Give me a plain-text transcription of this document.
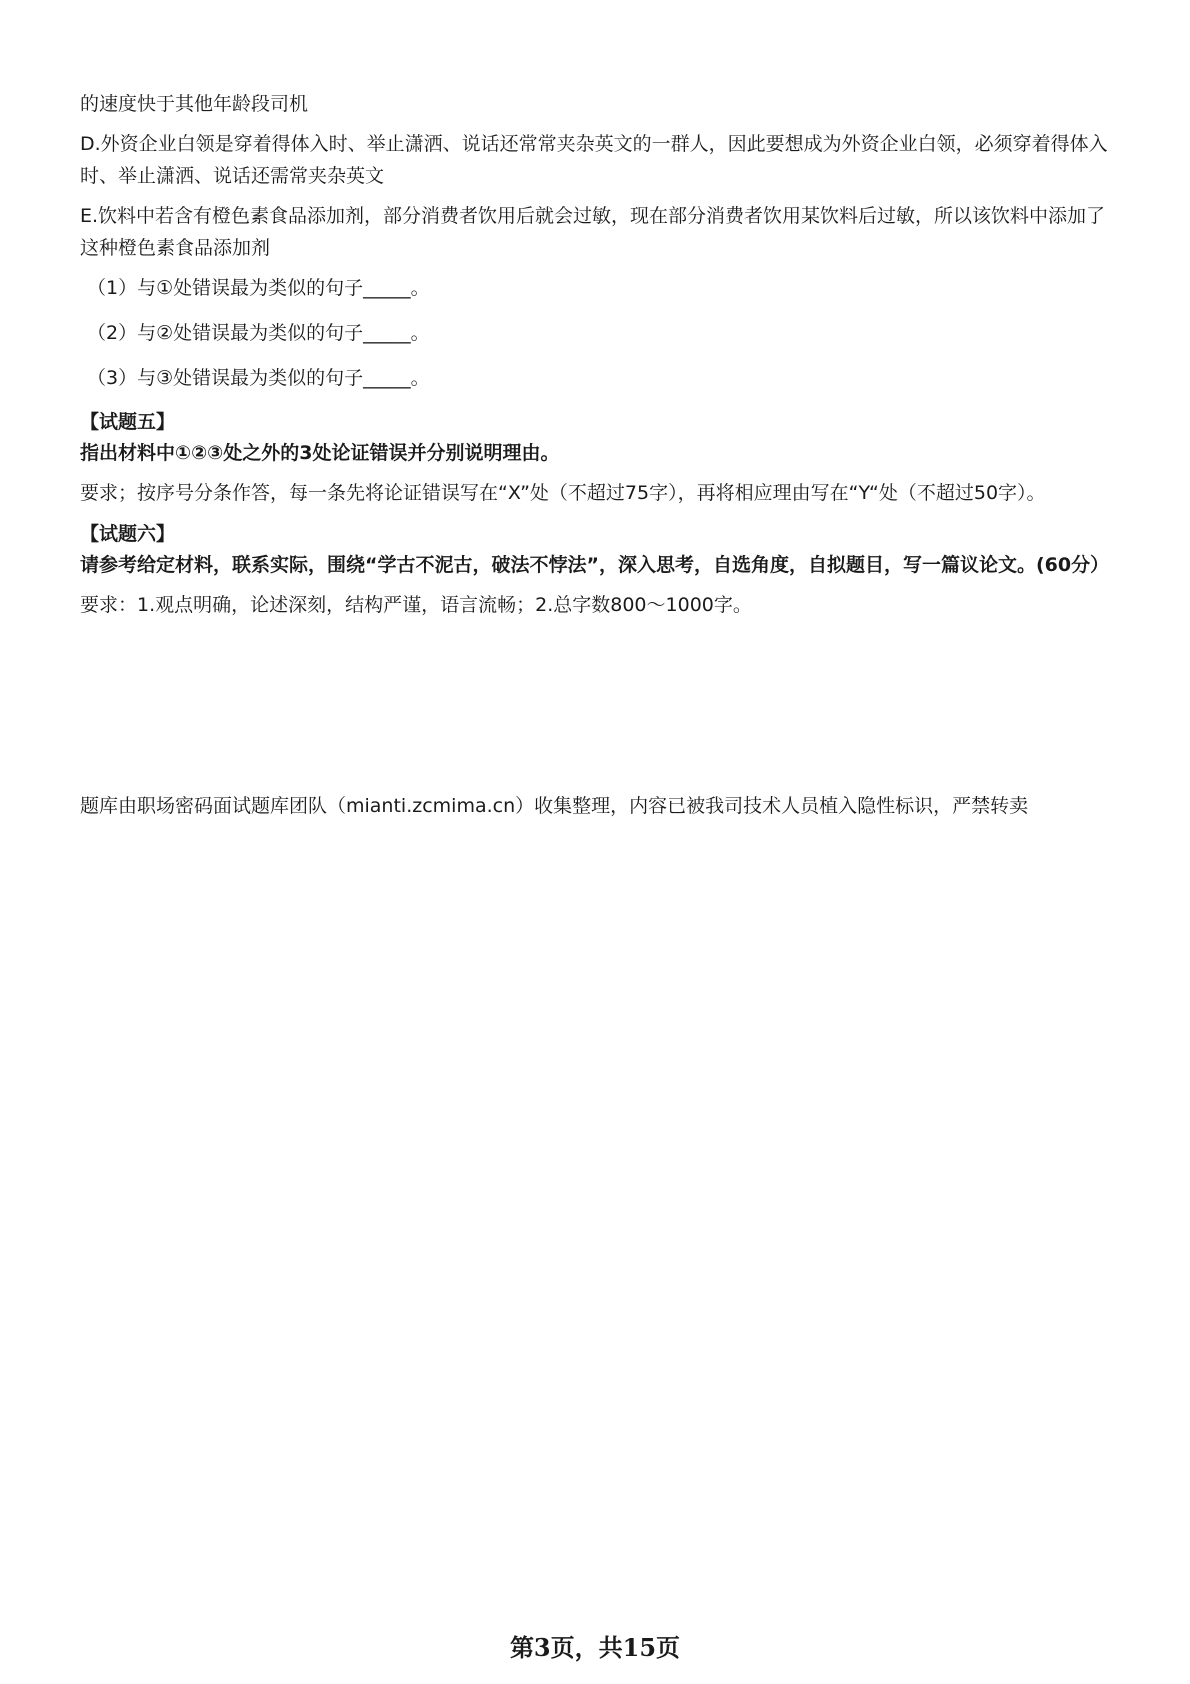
的速度快于其他年龄段司机

D.外资企业白领是穿着得体入时、举止潇洒、说话还常常夹杂英文的一群人，因此要想成为外资企业白领，必须穿着得体入时、举止潇洒、说话还需常夹杂英文

E.饮料中若含有橙色素食品添加剂，部分消费者饮用后就会过敏，现在部分消费者饮用某饮料后过敏，所以该饮料中添加了这种橙色素食品添加剂

（1）与①处错误最为类似的句子_____。

（2）与②处错误最为类似的句子_____。

（3）与③处错误最为类似的句子_____。

【试题五】

指出材料中①②③处之外的3处论证错误并分别说明理由。

要求；按序号分条作答，每一条先将论证错误写在“X”处（不超过75字），再将相应理由写在“Y“处（不超过50字）。

【试题六】

请参考给定材料，联系实际，围绕“学古不泥古，破法不悖法”，深入思考，自选角度，自拟题目，写一篇议论文。(60分）

要求：1.观点明确，论述深刻，结构严谨，语言流畅；2.总字数800～1000字。

题库由职场密码面试题库团队（mianti.zcmima.cn）收集整理，内容已被我司技术人员植入隐性标识，严禁转卖
第3页，共15页
